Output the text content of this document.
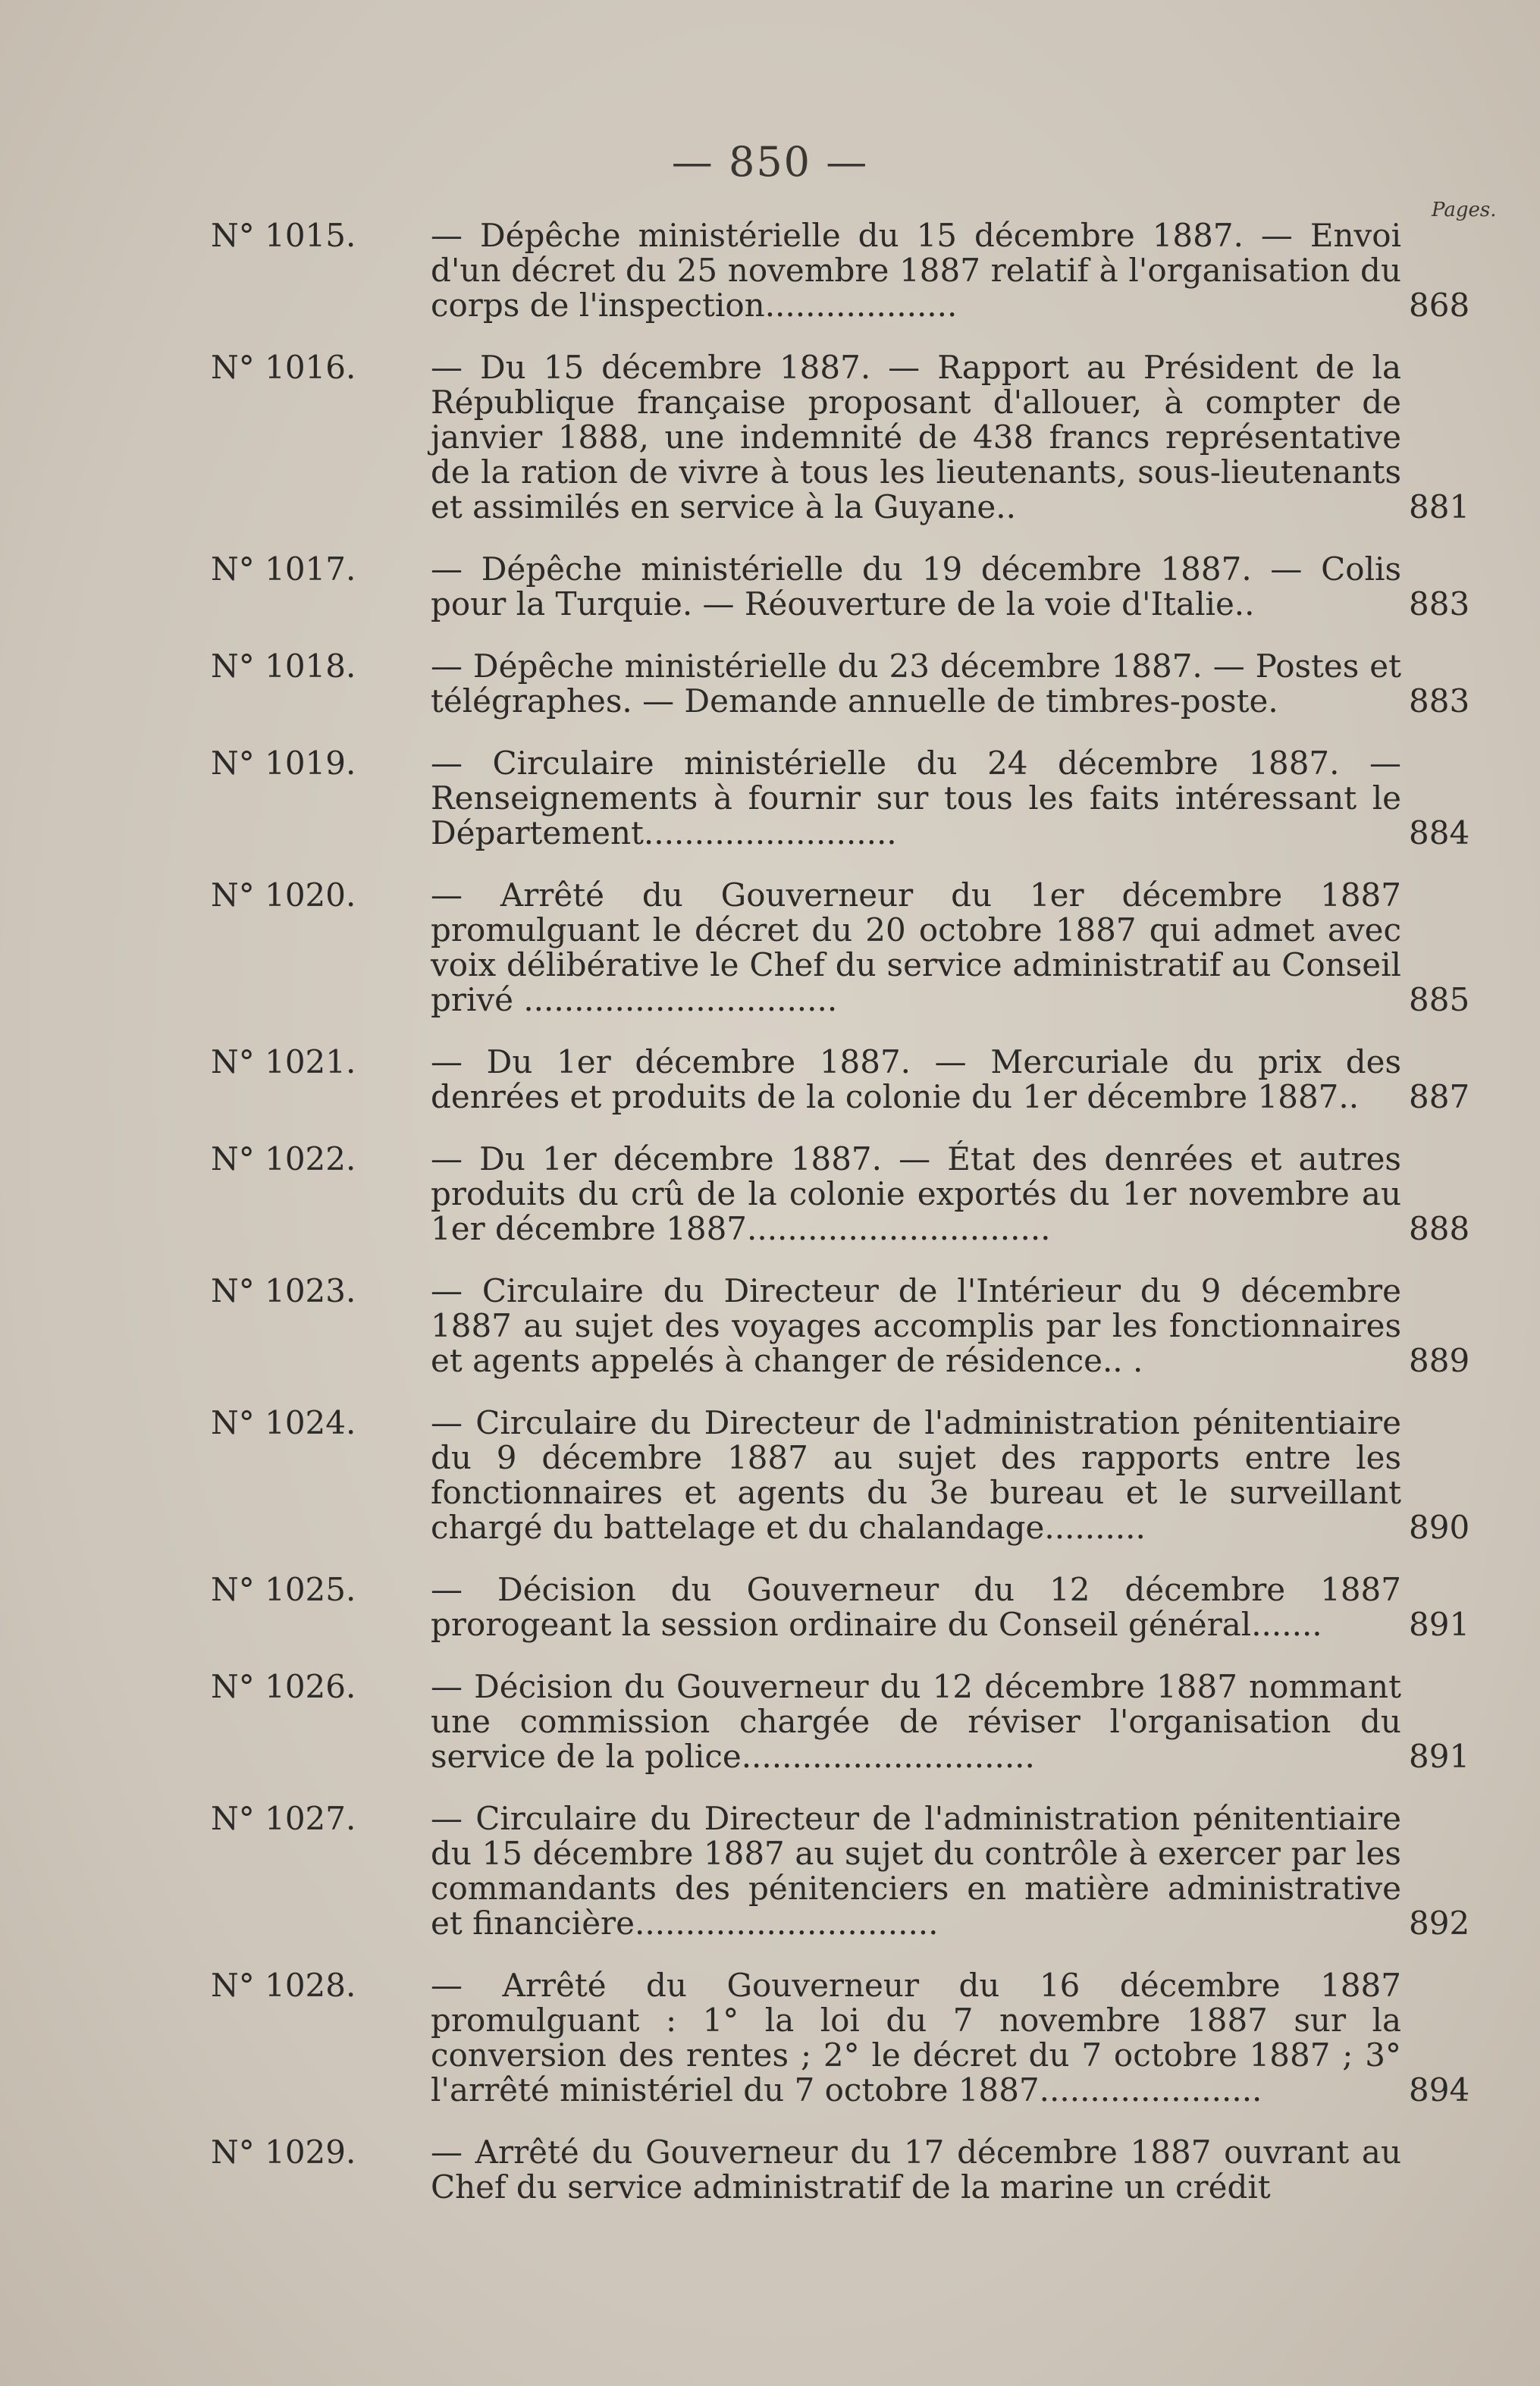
— 850 —
Pages.
N° 1015.	— Dépêche ministérielle du 15 décembre 1887. — Envoi d'un décret du 25 novembre 1887 relatif à l'organisation du corps de l'inspection...................	868
N° 1016.	— Du 15 décembre 1887. — Rapport au Président de la République française proposant d'allouer, à compter de janvier 1888, une indemnité de 438 francs représentative de la ration de vivre à tous les lieutenants, sous-lieutenants et assimilés en service à la Guyane..	881
N° 1017.	— Dépêche ministérielle du 19 décembre 1887. — Colis pour la Turquie. — Réouverture de la voie d'Italie..	883
N° 1018.	— Dépêche ministérielle du 23 décembre 1887. — Postes et télégraphes. — Demande annuelle de timbres-poste.	883
N° 1019.	— Circulaire ministérielle du 24 décembre 1887. — Renseignements à fournir sur tous les faits intéressant le Département.........................	884
N° 1020.	— Arrêté du Gouverneur du 1er décembre 1887 promulguant le décret du 20 octobre 1887 qui admet avec voix délibérative le Chef du service administratif au Conseil privé ...............................	885
N° 1021.	— Du 1er décembre 1887. — Mercuriale du prix des denrées et produits de la colonie du 1er décembre 1887..	887
N° 1022.	— Du 1er décembre 1887. — État des denrées et autres produits du crû de la colonie exportés du 1er novembre au 1er décembre 1887..............................	888
N° 1023.	— Circulaire du Directeur de l'Intérieur du 9 décembre 1887 au sujet des voyages accomplis par les fonctionnaires et agents appelés à changer de résidence.. .	889
N° 1024.	— Circulaire du Directeur de l'administration pénitentiaire du 9 décembre 1887 au sujet des rapports entre les fonctionnaires et agents du 3e bureau et le surveillant chargé du battelage et du chalandage..........	890
N° 1025.	— Décision du Gouverneur du 12 décembre 1887 prorogeant la session ordinaire du Conseil général.......	891
N° 1026.	— Décision du Gouverneur du 12 décembre 1887 nommant une commission chargée de réviser l'organisation du service de la police.............................	891
N° 1027.	— Circulaire du Directeur de l'administration pénitentiaire du 15 décembre 1887 au sujet du contrôle à exercer par les commandants des pénitenciers en matière administrative et financière..............................	892
N° 1028.	— Arrêté du Gouverneur du 16 décembre 1887 promulguant : 1° la loi du 7 novembre 1887 sur la conversion des rentes ; 2° le décret du 7 octobre 1887 ; 3° l'arrêté ministériel du 7 octobre 1887......................	894
N° 1029.	— Arrêté du Gouverneur du 17 décembre 1887 ouvrant au Chef du service administratif de la marine un crédit
